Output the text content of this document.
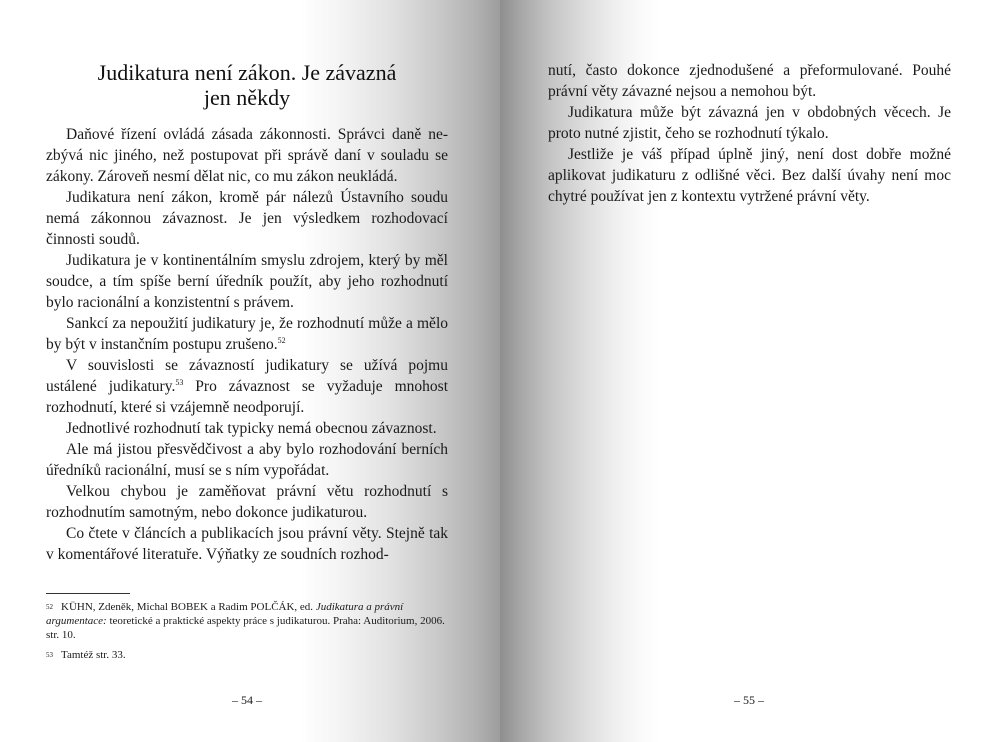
Judikatura není zákon. Je závazná
jen někdy

Daňové řízení ovládá zásada zákonnosti. Správci daně nezbývá nic jiného, než postupovat při správě daní v souladu se zákony. Zároveň nesmí dělat nic, co mu zákon neukládá.

Judikatura není zákon, kromě pár nálezů Ústavního soudu nemá zákonnou závaznost. Je jen výsledkem rozhodovací činnosti soudů.

Judikatura je v kontinentálním smyslu zdrojem, který by měl soudce, a tím spíše berní úředník použít, aby jeho rozhodnutí bylo racionální a konzistentní s právem.

Sankcí za nepoužití judikatury je, že rozhodnutí může a mělo by být v instančním postupu zrušeno.$^{52}$

V souvislosti se závazností judikatury se užívá pojmu ustálené judikatury.$^{53}$ Pro závaznost se vyžaduje mnohost rozhodnutí, které si vzájemně neodporují.

Jednotlivé rozhodnutí tak typicky nemá obecnou závaznost.

Ale má jistou přesvědčivost a aby bylo rozhodování berních úředníků racionální, musí se s ním vypořádat.

Velkou chybou je zaměňovat právní větu rozhodnutí s rozhodnutím samotným, nebo dokonce judikaturou.

Co čtete v článcích a publikacích jsou právní věty. Stejně tak v komentářové literatuře. Výňatky ze soudních rozhod-

$^{52}$ KÜHN, Zdeněk, Michal BOBEK a Radim POLČÁK, ed. Judikatura a právní argumentace: teoretické a praktické aspekty práce s judikaturou. Praha: Auditorium, 2006. str. 10.
$^{53}$ Tamtéž str. 33.
– 54 –	– 55 –

nutí, často dokonce zjednodušené a přeformulované. Pouhé právní věty závazné nejsou a nemohou být.

Judikatura může být závazná jen v obdobných věcech. Je proto nutné zjistit, čeho se rozhodnutí týkalo.

Jestliže je váš případ úplně jiný, není dost dobře možné aplikovat judikaturu z odlišné věci. Bez další úvahy není moc chytré používat jen z kontextu vytržené právní věty.
